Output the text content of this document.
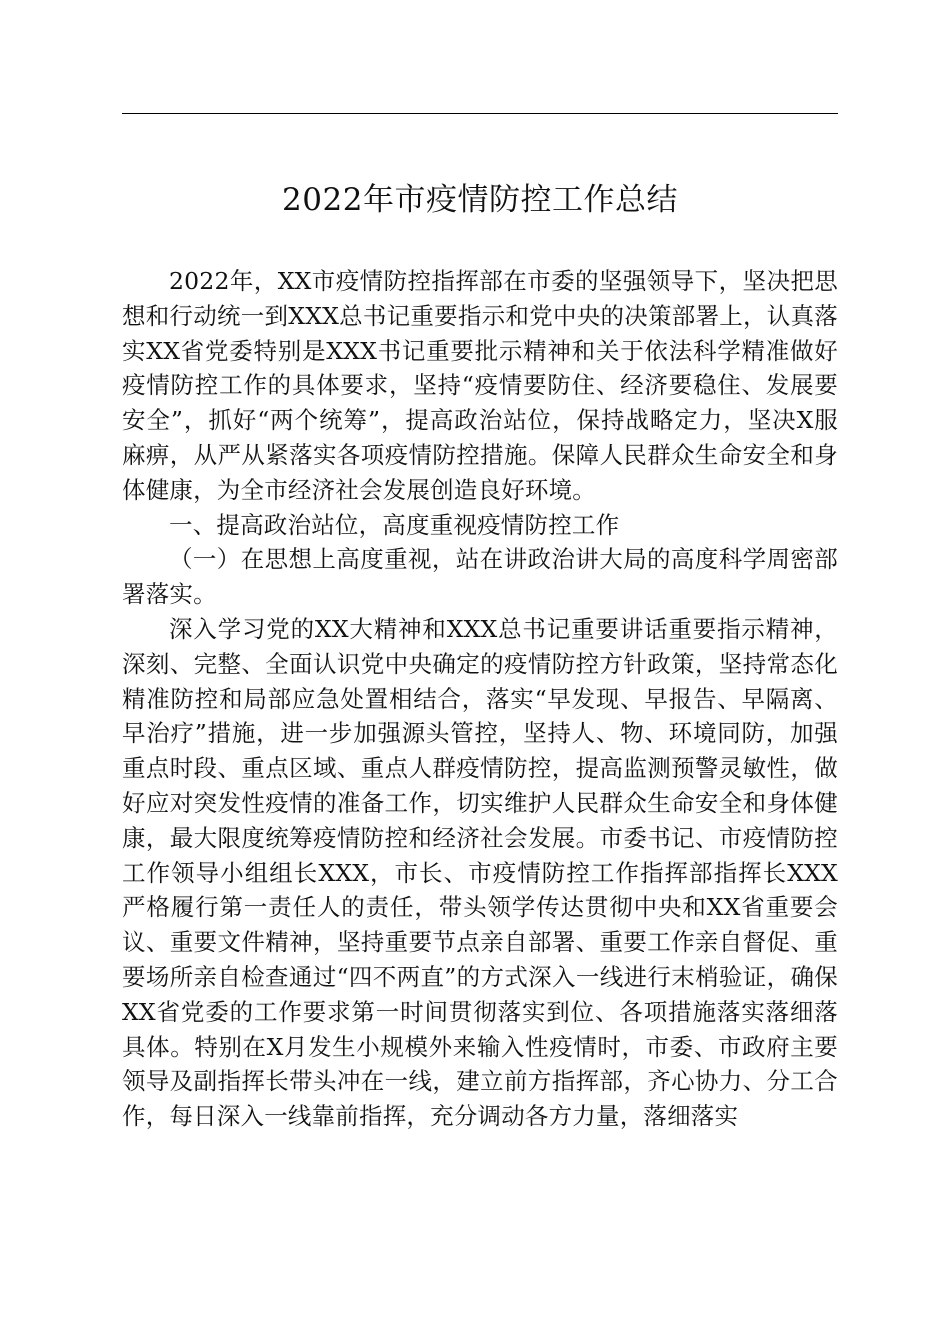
2022年市疫情防控工作总结

2022年，XX市疫情防控指挥部在市委的坚强领导下，坚决把思想和行动统一到XXX总书记重要指示和党中央的决策部署上，认真落实XX省党委特别是XXX书记重要批示精神和关于依法科学精准做好疫情防控工作的具体要求，坚持“疫情要防住、经济要稳住、发展要安全”，抓好“两个统筹”，提高政治站位，保持战略定力，坚决X服麻痹，从严从紧落实各项疫情防控措施。保障人民群众生命安全和身体健康，为全市经济社会发展创造良好环境。

一、提高政治站位，高度重视疫情防控工作

（一）在思想上高度重视，站在讲政治讲大局的高度科学周密部署落实。

深入学习党的XX大精神和XXX总书记重要讲话重要指示精神，深刻、完整、全面认识党中央确定的疫情防控方针政策，坚持常态化精准防控和局部应急处置相结合，落实“早发现、早报告、早隔离、早治疗”措施，进一步加强源头管控，坚持人、物、环境同防，加强重点时段、重点区域、重点人群疫情防控，提高监测预警灵敏性，做好应对突发性疫情的准备工作，切实维护人民群众生命安全和身体健康，最大限度统筹疫情防控和经济社会发展。市委书记、市疫情防控工作领导小组组长XXX，市长、市疫情防控工作指挥部指挥长XXX严格履行第一责任人的责任，带头领学传达贯彻中央和XX省重要会议、重要文件精神，坚持重要节点亲自部署、重要工作亲自督促、重要场所亲自检查通过“四不两直”的方式深入一线进行末梢验证，确保XX省党委的工作要求第一时间贯彻落实到位、各项措施落实落细落具体。特别在X月发生小规模外来输入性疫情时，市委、市政府主要领导及副指挥长带头冲在一线，建立前方指挥部，齐心协力、分工合作，每日深入一线靠前指挥，充分调动各方力量，落细落实
